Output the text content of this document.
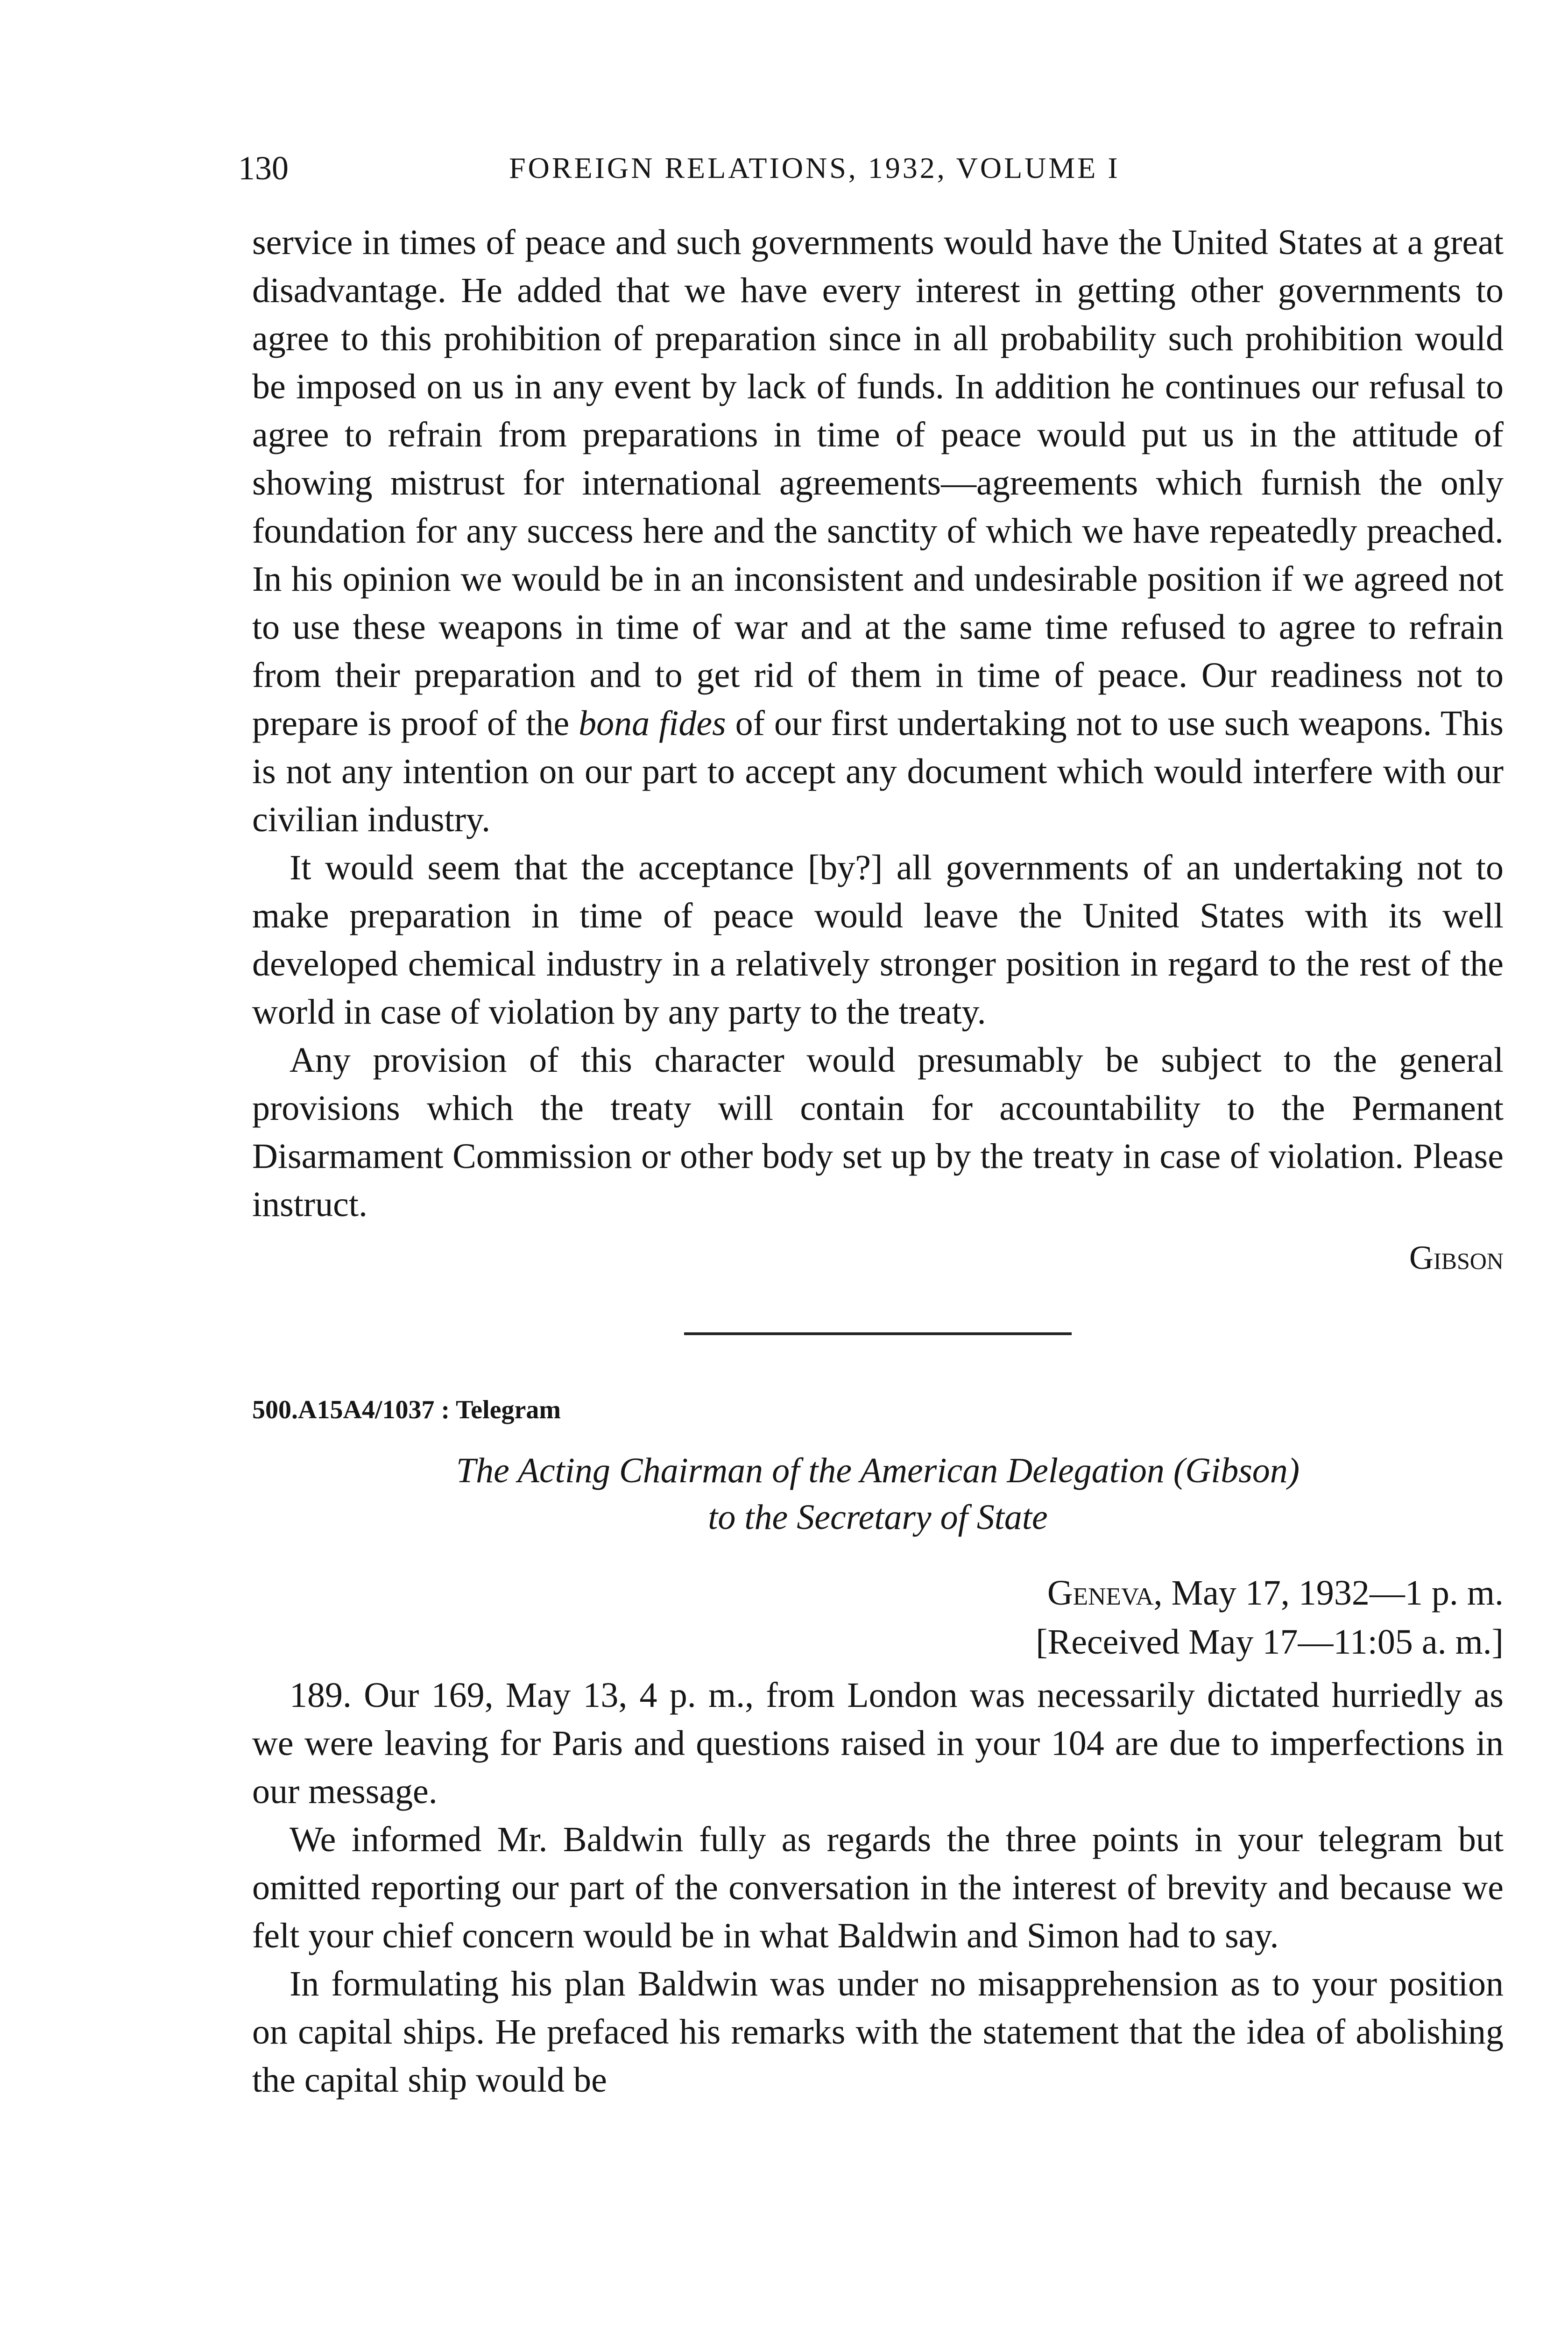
130	FOREIGN RELATIONS, 1932, VOLUME I

service in times of peace and such governments would have the United States at a great disadvantage. He added that we have every interest in getting other governments to agree to this prohibition of preparation since in all probability such prohibition would be imposed on us in any event by lack of funds. In addition he continues our refusal to agree to refrain from preparations in time of peace would put us in the attitude of showing mistrust for international agreements—agreements which furnish the only foundation for any success here and the sanctity of which we have repeatedly preached. In his opinion we would be in an inconsistent and undesirable position if we agreed not to use these weapons in time of war and at the same time refused to agree to refrain from their preparation and to get rid of them in time of peace. Our readiness not to prepare is proof of the bona fides of our first undertaking not to use such weapons. This is not any intention on our part to accept any document which would interfere with our civilian industry.

It would seem that the acceptance [by?] all governments of an undertaking not to make preparation in time of peace would leave the United States with its well developed chemical industry in a relatively stronger position in regard to the rest of the world in case of violation by any party to the treaty.

Any provision of this character would presumably be subject to the general provisions which the treaty will contain for accountability to the Permanent Disarmament Commission or other body set up by the treaty in case of violation. Please instruct.

Gibson

500.A15A4/1037 : Telegram

The Acting Chairman of the American Delegation (Gibson)
to the Secretary of State

Geneva, May 17, 1932—1 p. m.

[Received May 17—11:05 a. m.]

189. Our 169, May 13, 4 p. m., from London was necessarily dictated hurriedly as we were leaving for Paris and questions raised in your 104 are due to imperfections in our message.

We informed Mr. Baldwin fully as regards the three points in your telegram but omitted reporting our part of the conversation in the interest of brevity and because we felt your chief concern would be in what Baldwin and Simon had to say.

In formulating his plan Baldwin was under no misapprehension as to your position on capital ships. He prefaced his remarks with the statement that the idea of abolishing the capital ship would be
